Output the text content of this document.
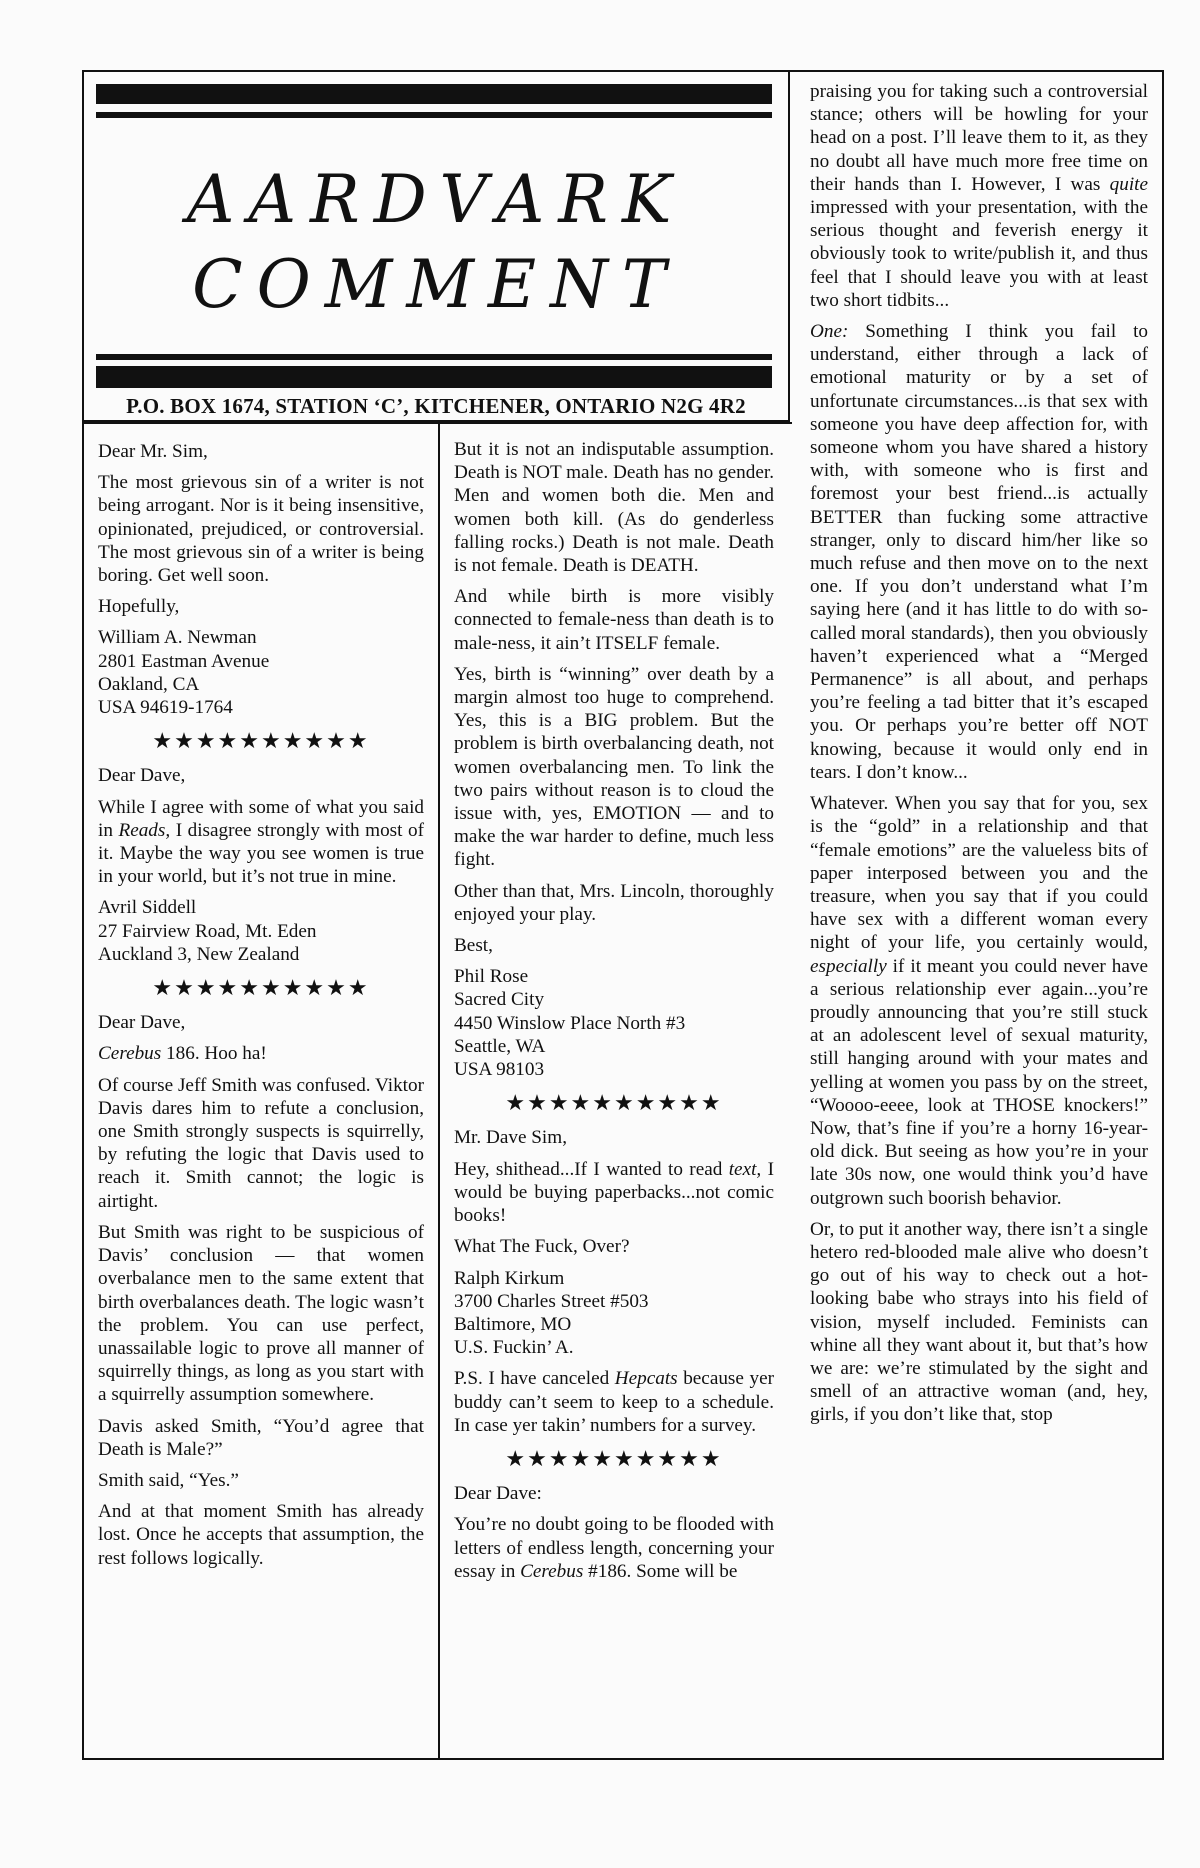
AARDVARK
COMMENT
P.O. BOX 1674, STATION ‘C’, KITCHENER, ONTARIO N2G 4R2

Dear Mr. Sim,

The most grievous sin of a writer is not being arrogant. Nor is it being insensitive, opinionated, prejudiced, or controversial. The most grievous sin of a writer is being boring. Get well soon.

Hopefully,

William A. Newman
2801 Eastman Avenue
Oakland, CA
USA 94619-1764
★★★★★★★★★★

Dear Dave,

While I agree with some of what you said in Reads, I disagree strongly with most of it. Maybe the way you see women is true in your world, but it’s not true in mine.

Avril Siddell
27 Fairview Road, Mt. Eden
Auckland 3, New Zealand
★★★★★★★★★★

Dear Dave,

Cerebus 186. Hoo ha!

Of course Jeff Smith was confused. Viktor Davis dares him to refute a conclusion, one Smith strongly suspects is squirrelly, by refuting the logic that Davis used to reach it. Smith cannot; the logic is airtight.

But Smith was right to be suspicious of Davis’ conclusion — that women overbalance men to the same extent that birth overbalances death. The logic wasn’t the problem. You can use perfect, unassailable logic to prove all manner of squirrelly things, as long as you start with a squirrelly assumption somewhere.

Davis asked Smith, “You’d agree that Death is Male?”

Smith said, “Yes.”

And at that moment Smith has already lost. Once he accepts that assumption, the rest follows logically.

But it is not an indisputable assumption. Death is NOT male. Death has no gender. Men and women both die. Men and women both kill. (As do genderless falling rocks.) Death is not male. Death is not female. Death is DEATH.

And while birth is more visibly connected to female-ness than death is to male-ness, it ain’t ITSELF female.

Yes, birth is “winning” over death by a margin almost too huge to comprehend. Yes, this is a BIG problem. But the problem is birth overbalancing death, not women overbalancing men. To link the two pairs without reason is to cloud the issue with, yes, EMOTION — and to make the war harder to define, much less fight.

Other than that, Mrs. Lincoln, thoroughly enjoyed your play.

Best,

Phil Rose
Sacred City
4450 Winslow Place North #3
Seattle, WA
USA 98103
★★★★★★★★★★

Mr. Dave Sim,

Hey, shithead...If I wanted to read text, I would be buying paperbacks...not comic books!

What The Fuck, Over?

Ralph Kirkum
3700 Charles Street #503
Baltimore, MO
U.S. Fuckin’ A.

P.S. I have canceled Hepcats because yer buddy can’t seem to keep to a schedule. In case yer takin’ numbers for a survey.

★★★★★★★★★★

Dear Dave:

You’re no doubt going to be flooded with letters of endless length, concerning your essay in Cerebus #186. Some will be

praising you for taking such a controversial stance; others will be howling for your head on a post. I’ll leave them to it, as they no doubt all have much more free time on their hands than I. However, I was quite impressed with your presentation, with the serious thought and feverish energy it obviously took to write/publish it, and thus feel that I should leave you with at least two short tidbits...

One: Something I think you fail to understand, either through a lack of emotional maturity or by a set of unfortunate circumstances...is that sex with someone you have deep affection for, with someone whom you have shared a history with, with someone who is first and foremost your best friend...is actually BETTER than fucking some attractive stranger, only to discard him/her like so much refuse and then move on to the next one. If you don’t understand what I’m saying here (and it has little to do with so-called moral standards), then you obviously haven’t experienced what a “Merged Permanence” is all about, and perhaps you’re feeling a tad bitter that it’s escaped you. Or perhaps you’re better off NOT knowing, because it would only end in tears. I don’t know...

Whatever. When you say that for you, sex is the “gold” in a relationship and that “female emotions” are the valueless bits of paper interposed between you and the treasure, when you say that if you could have sex with a different woman every night of your life, you certainly would, especially if it meant you could never have a serious relationship ever again...you’re proudly announcing that you’re still stuck at an adolescent level of sexual maturity, still hanging around with your mates and yelling at women you pass by on the street, “Woooo-eeee, look at THOSE knockers!” Now, that’s fine if you’re a horny 16-year-old dick. But seeing as how you’re in your late 30s now, one would think you’d have outgrown such boorish behavior.

Or, to put it another way, there isn’t a single hetero red-blooded male alive who doesn’t go out of his way to check out a hot-looking babe who strays into his field of vision, myself included. Feminists can whine all they want about it, but that’s how we are: we’re stimulated by the sight and smell of an attractive woman (and, hey, girls, if you don’t like that, stop
